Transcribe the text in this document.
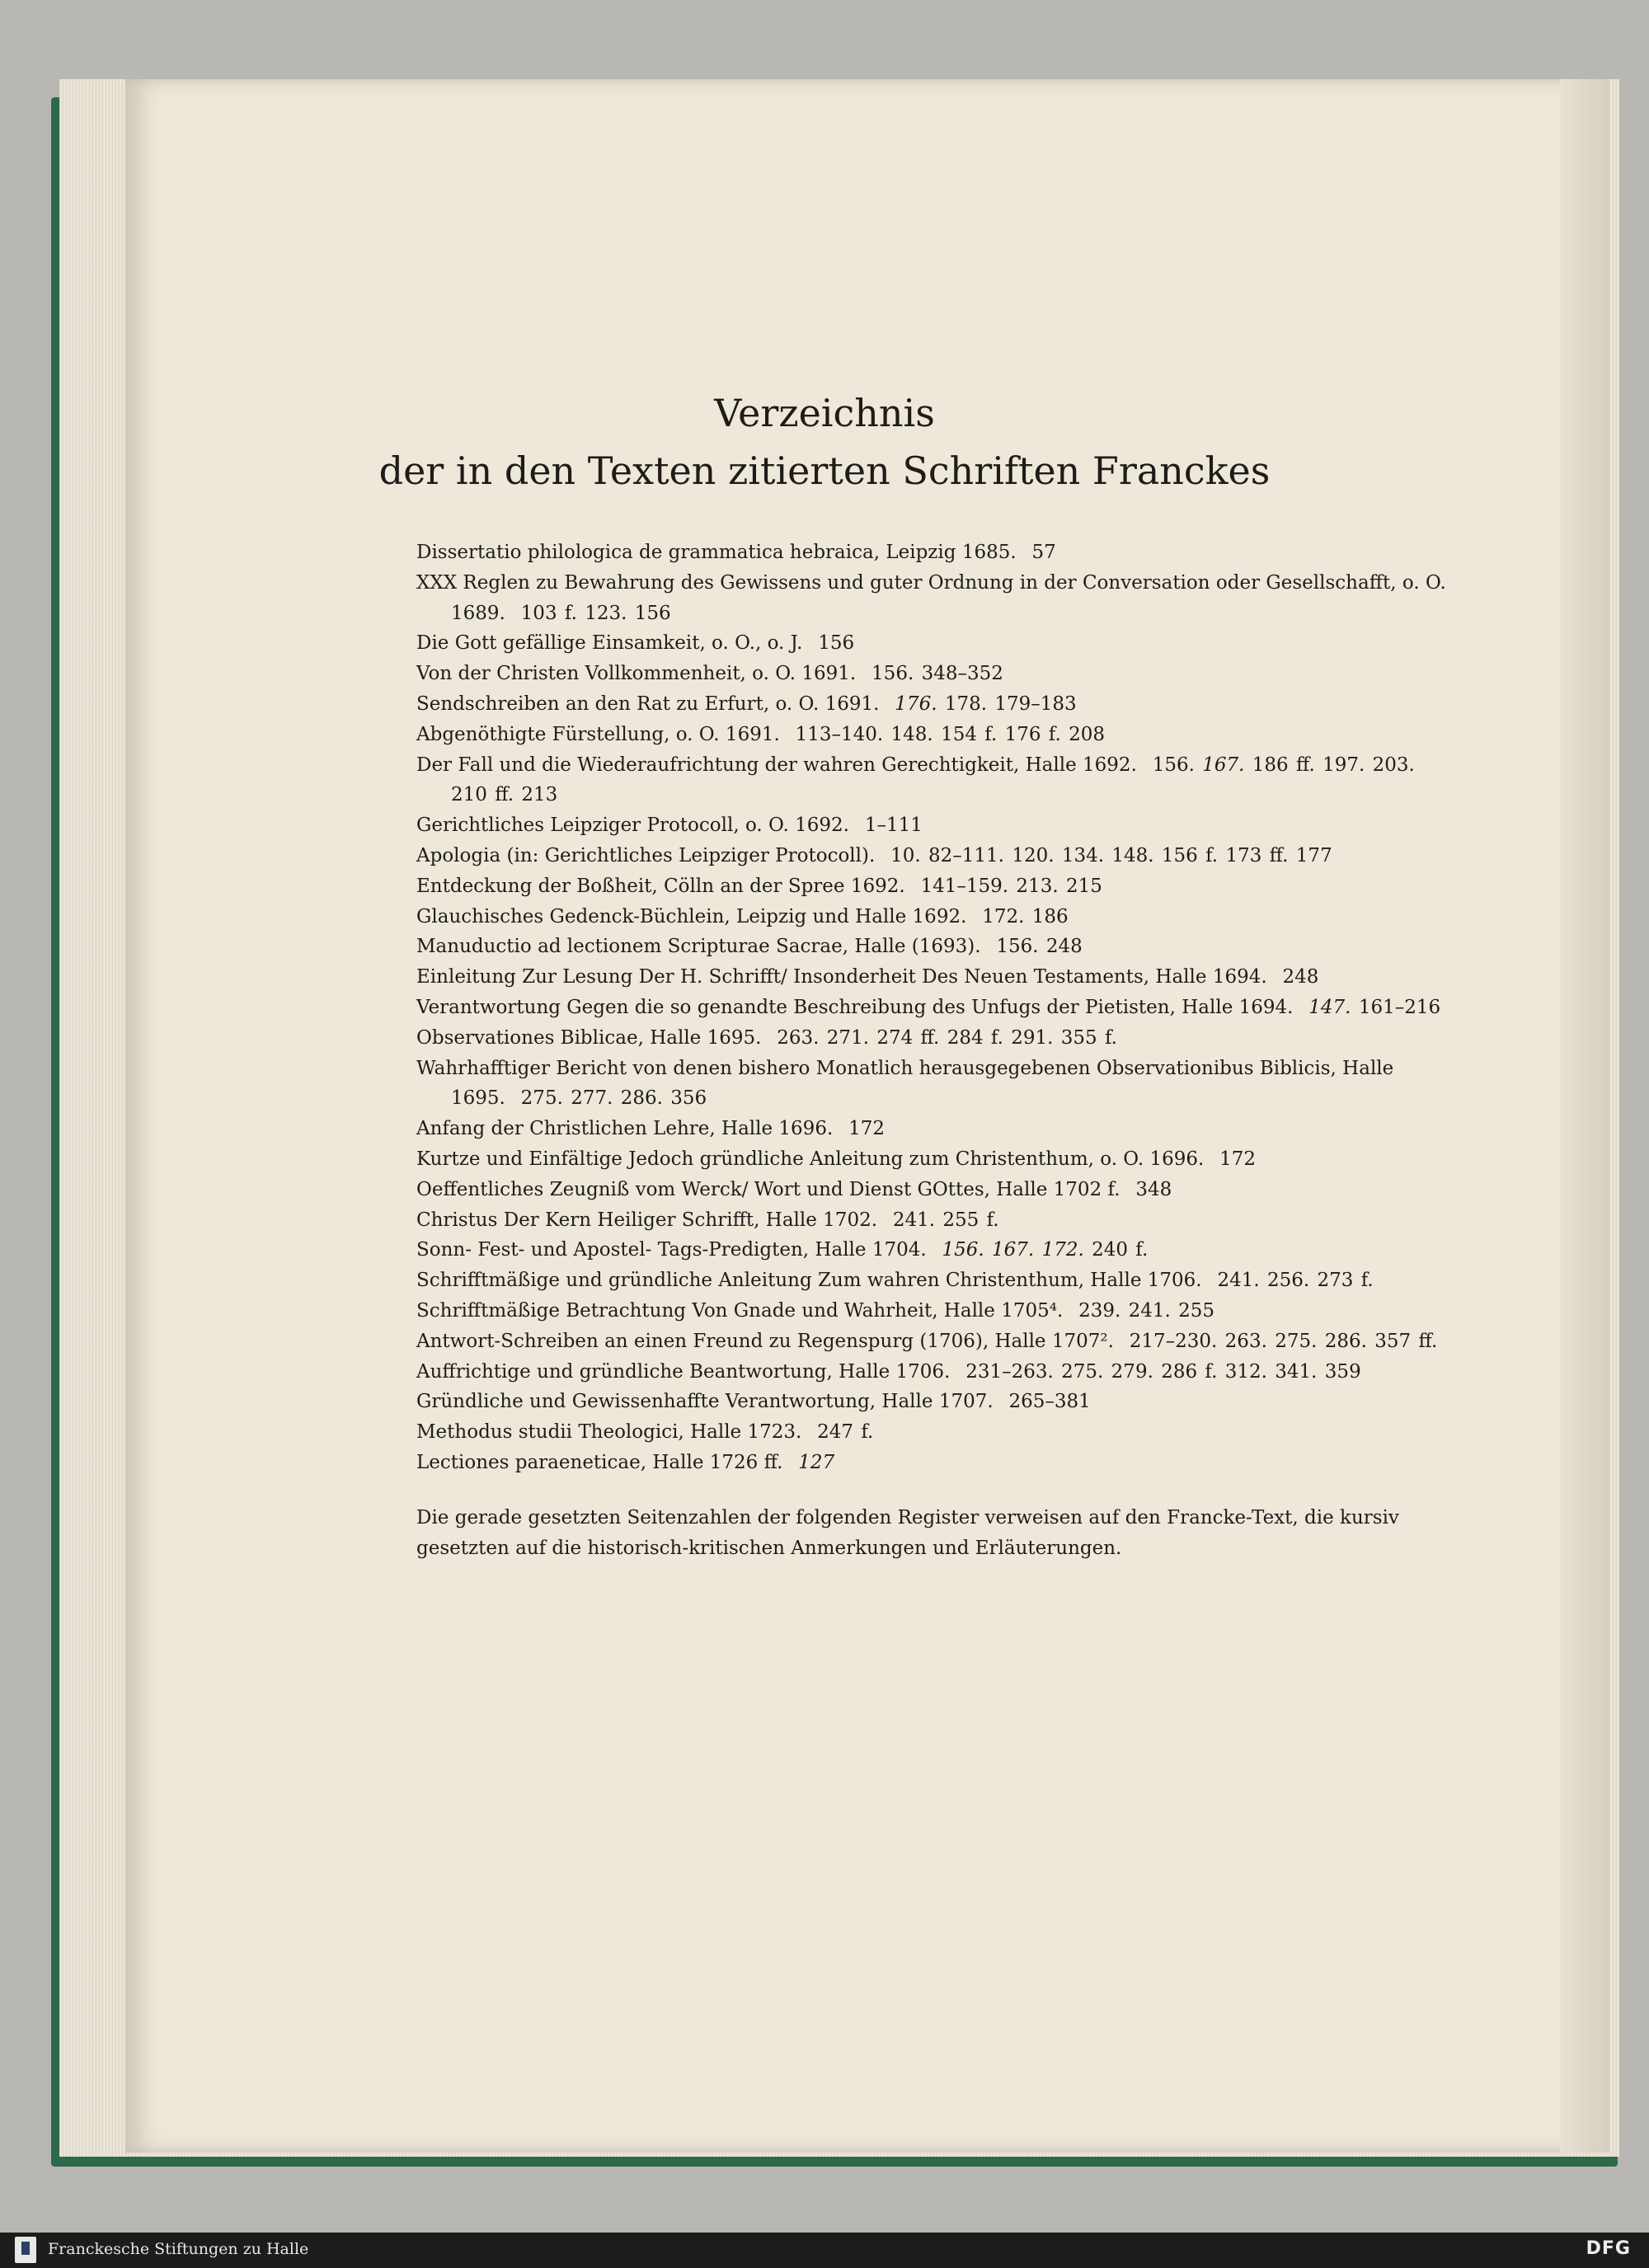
Verzeichnis
der in den Texten zitierten Schriften Franckes
Dissertatio philologica de grammatica hebraica, Leipzig 1685.  57
XXX Reglen zu Bewahrung des Gewissens und guter Ordnung in der Conversation oder Gesellschafft, o. O. 1689.  103 f. 123. 156
Die Gott gefällige Einsamkeit, o. O., o. J.  156
Von der Christen Vollkommenheit, o. O. 1691.  156. 348–352
Sendschreiben an den Rat zu Erfurt, o. O. 1691.  176. 178. 179–183
Abgenöthigte Fürstellung, o. O. 1691.  113–140. 148. 154 f. 176 f. 208
Der Fall und die Wiederaufrichtung der wahren Gerechtigkeit, Halle 1692.  156. 167. 186 ff. 197. 203. 210 ff. 213
Gerichtliches Leipziger Protocoll, o. O. 1692.  1–111
Apologia (in: Gerichtliches Leipziger Protocoll).  10. 82–111. 120. 134. 148. 156 f. 173 ff. 177
Entdeckung der Boßheit, Cölln an der Spree 1692.  141–159. 213. 215
Glauchisches Gedenck-Büchlein, Leipzig und Halle 1692.  172. 186
Manuductio ad lectionem Scripturae Sacrae, Halle (1693).  156. 248
Einleitung Zur Lesung Der H. Schrifft/ Insonderheit Des Neuen Testaments, Halle 1694.  248
Verantwortung Gegen die so genandte Beschreibung des Unfugs der Pietisten, Halle 1694.  147. 161–216
Observationes Biblicae, Halle 1695.  263. 271. 274 ff. 284 f. 291. 355 f.
Wahrhafftiger Bericht von denen bishero Monatlich herausgegebenen Observationibus Biblicis, Halle 1695.  275. 277. 286. 356
Anfang der Christlichen Lehre, Halle 1696.  172
Kurtze und Einfältige Jedoch gründliche Anleitung zum Christenthum, o. O. 1696.  172
Oeffentliches Zeugniß vom Werck/ Wort und Dienst GOttes, Halle 1702 f.  348
Christus Der Kern Heiliger Schrifft, Halle 1702.  241. 255 f.
Sonn- Fest- und Apostel- Tags-Predigten, Halle 1704.  156. 167. 172. 240 f.
Schrifftmäßige und gründliche Anleitung Zum wahren Christenthum, Halle 1706.  241. 256. 273 f.
Schrifftmäßige Betrachtung Von Gnade und Wahrheit, Halle 1705⁴.  239. 241. 255
Antwort-Schreiben an einen Freund zu Regenspurg (1706), Halle 1707².  217–230. 263. 275. 286. 357 ff.
Auffrichtige und gründliche Beantwortung, Halle 1706.  231–263. 275. 279. 286 f. 312. 341. 359
Gründliche und Gewissenhaffte Verantwortung, Halle 1707.  265–381
Methodus studii Theologici, Halle 1723.  247 f.
Lectiones paraeneticae, Halle 1726 ff.  127
Die gerade gesetzten Seitenzahlen der folgenden Register verweisen auf den Francke-Text, die kursiv gesetzten auf die historisch-kritischen Anmerkungen und Erläuterungen.
Franckesche Stiftungen zu Halle	DFG
